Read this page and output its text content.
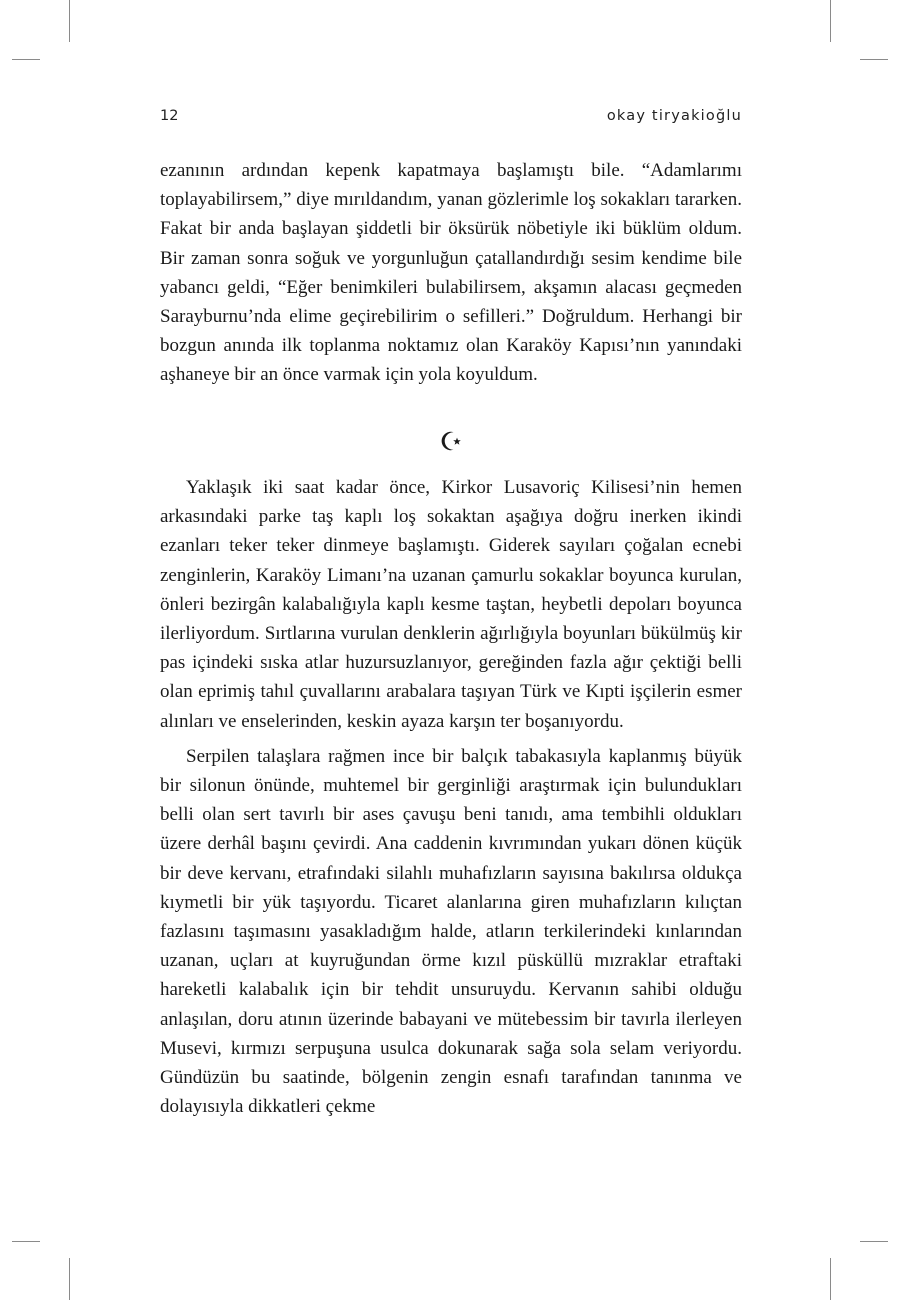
12	okay tiryakioğlu

ezanının ardından kepenk kapatmaya başlamıştı bile. “Adamlarımı toplayabilirsem,” diye mırıldandım, yanan gözlerimle loş sokakları tararken. Fakat bir anda başlayan şiddetli bir öksürük nöbetiyle iki büklüm oldum. Bir zaman sonra soğuk ve yorgunluğun çatallandırdığı sesim kendime bile yabancı geldi, “Eğer benimkileri bulabilirsem, akşamın alacası geçmeden Sarayburnu’nda elime geçirebilirim o sefilleri.” Doğruldum. Herhangi bir bozgun anında ilk toplanma noktamız olan Karaköy Kapısı’nın yanındaki aşhaneye bir an önce varmak için yola koyuldum.

Yaklaşık iki saat kadar önce, Kirkor Lusavoriç Kilisesi’nin hemen arkasındaki parke taş kaplı loş sokaktan aşağıya doğru inerken ikindi ezanları teker teker dinmeye başlamıştı. Giderek sayıları çoğalan ecnebi zenginlerin, Karaköy Limanı’na uzanan çamurlu sokaklar boyunca kurulan, önleri bezirgân kalabalığıyla kaplı kesme taştan, heybetli depoları boyunca ilerliyordum. Sırtlarına vurulan denklerin ağırlığıyla boyunları bükülmüş kir pas içindeki sıska atlar huzursuzlanıyor, gereğinden fazla ağır çektiği belli olan eprimiş tahıl çuvallarını arabalara taşıyan Türk ve Kıpti işçilerin esmer alınları ve enselerinden, keskin ayaza karşın ter boşanıyordu.

Serpilen talaşlara rağmen ince bir balçık tabakasıyla kaplanmış büyük bir silonun önünde, muhtemel bir gerginliği araştırmak için bulundukları belli olan sert tavırlı bir ases çavuşu beni tanıdı, ama tembihli oldukları üzere derhâl başını çevirdi. Ana caddenin kıvrımından yukarı dönen küçük bir deve kervanı, etrafındaki silahlı muhafızların sayısına bakılırsa oldukça kıymetli bir yük taşıyordu. Ticaret alanlarına giren muhafızların kılıçtan fazlasını taşımasını yasakladığım halde, atların terkilerindeki kınlarından uzanan, uçları at kuyruğundan örme kızıl püsküllü mızraklar etraftaki hareketli kalabalık için bir tehdit unsuruydu. Kervanın sahibi olduğu anlaşılan, doru atının üzerinde babayani ve mütebessim bir tavırla ilerleyen Musevi, kırmızı serpuşuna usulca dokunarak sağa sola selam veriyordu. Gündüzün bu saatinde, bölgenin zengin esnafı tarafından tanınma ve dolayısıyla dikkatleri çekme
